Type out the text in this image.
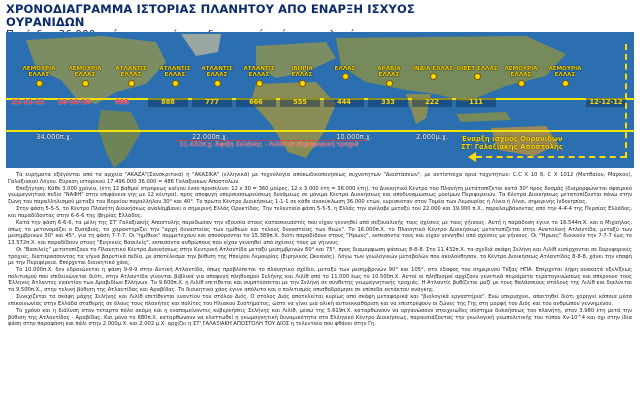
ΧΡΟΝΟΔΙΑΓΡΑΜΜΑ ΙΣΤΟΡΙΑΣ ΠΛΑΝΗΤΟΥ ΑΠΟ ΕΝΑΡΞΗ ΙΣΧΥΟΣ ΟΥΡΑΝΙΔΩΝ
ΛΕΜΟΥΡΙΑ ΕΛΛΑΣ
ΛΕΜΟΥΡΙΑ ΕΛΛΑΣ
ΑΤΛΑΝΤΙΣ ΕΛΛΑΣ
ΑΤΛΑΝΤΙΣ ΕΛΛΑΣ
ΑΤΛΑΝΤΙΣ ΕΛΛΑΣ
ΑΤΛΑΝΤΙΣ ΕΛΛΑΣ
ΙΒΗΡΙΑ ΕΛΛΑΣ
ΕΛΛΑΣ	ΑΡΑΒΙΑ ΕΛΛΑΣ
ΙΝΔΙΑ ΕΛΛΑΣ ΘΙΒΕΤ ΕΛΛΑΣ	ΛΕΜΟΥΡΙΑ ΕΛΛΑΣ
ΛΕΜΟΥΡΙΑ ΕΛΛΑΣ
11-11-11	10-10-10	999	888	777	666	555	444	333	222	111	12-12-12
34.000π.χ.	22.000π.χ.	10.000π.χ.	2.000μ.χ.
11.432π.χ. Άφιξη Σελήνης - Λιλίθ σε δορυφορική τροχιά
Έναρξη ισχύος Ουρανιδών
ΣΤ' Γαλαξιακής Αποστολής

Τα ευρήματα εξάγονται από τα αρχεία "ΑΚΑΖΑ"(Σανσκριτικά) ή "ΑΚΑΣΙΚΑ" (ελληνικά) με τεχνολογία αποκωδικοποιήσεως συχνοτήτων "Διαστάσεων", με αντίστοιχα όρια ταχυτήτων: C,C Χ 10 6, C Χ 1012 (Ματθαίου, Μάρκου), Γαλαξιακού Λόγου. Εύρεση ιστορικού 17.496.000 36.000 = 486 Γαλαξιακών Αποστολών.

Επεξήγηση: Κάθε 3.000 χρόνια, (έτη 12 βαθμοί στρέψεως καίγου έναν προσέλινο: 12 x 30 = 360 μοίρες, 12 x 3.000 έτη = 36.000 έτη), το Διοικητικό Κέντρο του Πλανήτη μετατοπίζεται κατά 30° προς δυσμάς (διαμορφώνεται σφαιρικό γεωμαγνητικό πεδίο "ΝΑΦΗ" στην επιφάνεια γης με 12 κέντρα), προς αποφυγή υπερσυσσωρεύσεως δυνάμεως σε μόνιμα Κέντρα Διοικήσεως και αποδυναμώσεως μονίμων Περιφερειών. Τα Κέντρα Διοικήσεως μετατοπίζονται πάνω στην ζώνη του παραλληλισμού μεταξύ του Βορείου παραλλήλου 30° και 40°. Το πρώτο Κέντρο Διοικήσεως 1-1-1 σε κάθε ανακύκλωση 36.000 ετών, ευρισκόταν στον Τομέα των Λεμουρίας ή Λίνια ή Λίνοι, σημερινής Ινδονησίας.

Στην φάση 5-5-5, το Κέντρο Πλανήτη Διοικήσεως αναλάμβανει ο σημερινή Ελλάς Ορυκτίδας. Την τελευταία φάση 5-5-5, η Ελλάς την ανέλαβε μεταξύ του 22.000 και 19.000 π.Χ., παραλαμβάνοντας από την 4-4-4 της Περσίας Ελλάδος, και παραδίδοντας στην 6-6-6 της Ιβηρίας Ελλάδος.

Κατά την φάση 6-6-6, τα μέλη της ΣΤ' Γαλαξιακής Αποστολής παρέδωσαν την εξουσία στους κατασκευαστές που είχαν γεννηθεί από σεξουαλικής τους σχέσεις με τους γήινους. Αυτή η παράδοση έγινε το 16.544π.Χ. και ο Μιχαήλος, όπως το μετονομάζει ο Ευσέβιος, το χαρακτηρίζει την "αρχή δυναστείας των ημίθεων και τέλους δυναστείας των θεών". Το 16.000π.Χ. το Πλανητικό Κέντρο Διοικήσεως μετατοπίζεται στην Ανατολική Ατλαντίδα, μεταξύ των μεσημβρινών 30° και 45°, για τη φάση 7-7-7. Οι "ημίθεοι" συμμετέχουν και αποσύρονται το 15.389π.Χ. διότι παραδίδουν στους "Ήρωες", εκπεσόντα τους και είχαν γεννηθεί από σχέσεις με γήινους. Οι "Ήρωες" διοικούν την 7-7-7 έως το 13.572π.Χ. και παραδίδουν στους "Ευγενείς Βασιλείς", εκπεσόντα ανθρώπους που είχαν γεννηθεί από σχέσεις τους με γήινους.

Οι "Βασιλείς" μετατοπίζουν το Πλανητικό Κέντρο Διοικήσεως στην Κεντρική Ατλαντίδα μεταξύ μεσημβρινών 60° και 75°, προς διαμορφωση φάσεως 8-8-8. Στο 11.432π.Χ. τα σχεδιά σκάφη Σελήνη και Λιλίθ εισέρχονται σε δορυφορικές τροχιές, διαταρασσοντας τα γήινα βαρυτικά πεδία, με αποτέλεσμα την βύθιση της Ηπείρου Λεμουρίας (Ειρηνικός Ωκεανός). Λόγω των γεωλογικών μεταβολών που ακολούθησαν, το Κέντρο Διοικήσεως Ατλαντίδος 8-8-8, χάνει την επαφή με την Περιφέρεια. Επέρχεται διοικητικό χάος.

Το 10.000π.Χ. δεν εδραιώνεται η φάση 9-9-9 στην Δυτική Ατλαντίδα, όπως προβλέπεται το πλανητικό σχέδιο, μεταξύ των μεσημβρινών 90° και 105°, στο έδαφος του σημερινού Τέξας ΗΠΑ. Επέρχεται λήψη ανακατά εξελίξεως πολιτισμού που επιδεινώνεται διότι, στην Ατλαντίδα γίνονται βιβλικά για αποφυγή πληθυσμού Σελήνης και Λιλίθ από το 11.000 έως το 10.500π.Χ. Αυτοί οι πλήθυσμοί αρχίζουν γενετικά πειράματα τερατογενώσεως και σπέρνουν τους Έλληνες Άτλαντες εναντίον των Δραβιδίων Ελλήνων. Το 9.600π.Χ. η Λιλίθ επιτίθεται και συμπτύσσεται με την Σελήνη σε σύνθετης γεωμαγνητικής τροχιάς. Η Ατλαντίς βυθίζεται μαζί με τους θαλάσσιους στόλους της Λιλίθ και διαλύεται το 9.500π.Χ., στην τελική βύθιση της Ατλαντίδας και Αραβίδας. Το διοικητικό χάος έγινε απόλυτο και ο πολιτισμός οπισθοδρόμησε σε επίπεδα εκτάκτου ανάγκης.

Συνεχίζεται τα σκάφη μάχης Σελήνης και Λιλίθ επιτίθενται εναντίον του στόλου Διός. Ο στόλος Διός αποτελείται κυρίως από σκάφη μεταφορικά και "βιολογικά εργαστήρια". Ενώ υπερισχύει, απαιτηθεί διότι χορηγεί κάποια μέσα επικοινωνίας στην Ελλάδα σταθερής σε όλους τους πλανήτες και πολίτες του Ηλιακού Συστήματος, ώστε να γίνει μια ολική αυτοεκκαθάριση και να επιστρέψουν οι ζώνες της Γης στη μορφή του Διός και του ανθρώπου γεννημένου.

Το χρόνο και η διάλυση στον τέταρτο πόλο ακόμη και η εναπομείνοντες κυβερνήσεις Σελήνης και Λιλίθ, μέσω της 5.619π.Χ. καταρθώνουν να οργανώσουν στοιχειώδες σύστημα διοικήσεως του πλανήτη, στον 3.980 έτη μετά την βύθιση της Ατλαντίδος - Αραβίδας. Και μόνο το 680π.Χ. καταρθώνουν να ελαττωθεί η γεωμαγνητική δυναμικότητα στο Ελληνικό Κέντρο Διοικήσεως, παρουσιάζοντας την γεωλογική γεωπολιτικής του τύπου Χν-10^4 και όχι στην ίδια φάση στην παραφάση και πάλι στην 2.000μ.Χ. και 2.002 μ.Χ. αρχίζει η ΣΤ' ΓΑΛΑΞΙΑΚΗ ΑΠΟΣΤΟΛΗ ΤΟΥ ΔΙΟΣ η τελευταία που φθάνει στην Γη.
